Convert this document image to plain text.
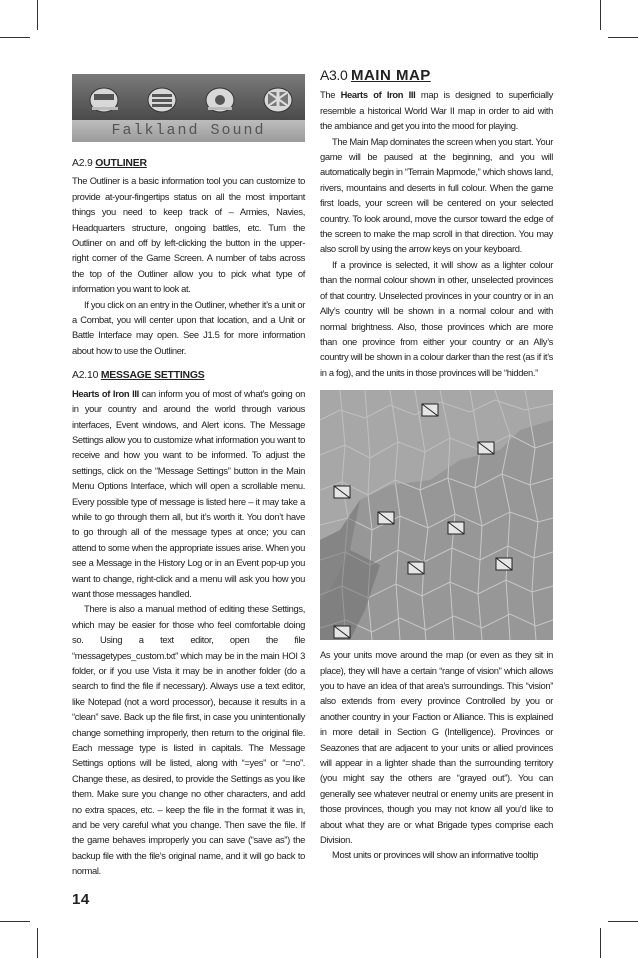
Falkland Sound
A2.9 OUTLINER

The Outliner is a basic information tool you can customize to provide at-your-fingertips status on all the most important things you need to keep track of – Armies, Navies, Headquarters structure, ongoing battles, etc. Turn the Outliner on and off by left-clicking the button in the upper-right corner of the Game Screen. A number of tabs across the top of the Outliner allow you to pick what type of information you want to look at.

If you click on an entry in the Outliner, whether it’s a unit or a Combat, you will center upon that location, and a Unit or Battle Interface may open. See J1.5 for more information about how to use the Outliner.

A2.10 MESSAGE SETTINGS

Hearts of Iron III can inform you of most of what’s going on in your country and around the world through various interfaces, Event windows, and Alert icons. The Message Settings allow you to customize what information you want to receive and how you want to be informed. To adjust the settings, click on the “Message Settings” button in the Main Menu Options Interface, which will open a scrollable menu. Every possible type of message is listed here – it may take a while to go through them all, but it’s worth it. You don’t have to go through all of the message types at once; you can attend to some when the appropriate issues arise. When you see a Message in the History Log or in an Event pop-up you want to change, right-click and a menu will ask you how you want those messages handled.

There is also a manual method of editing these Settings, which may be easier for those who feel comfortable doing so. Using a text editor, open the file “messagetypes_custom.txt” which may be in the main HOI 3 folder, or if you use Vista it may be in another folder (do a search to find the file if necessary). Always use a text editor, like Notepad (not a word processor), because it results in a “clean” save. Back up the file first, in case you unintentionally change something improperly, then return to the original file. Each message type is listed in capitals. The Message Settings options will be listed, along with “=yes” or “=no”. Change these, as desired, to provide the Settings as you like them. Make sure you change no other characters, and add no extra spaces, etc. – keep the file in the format it was in, and be very careful what you change. Then save the file. If the game behaves improperly you can save (“save as”) the backup file with the file’s original name, and it will go back to normal.

A3.0 MAIN MAP

The Hearts of Iron III map is designed to superficially resemble a historical World War II map in order to aid with the ambiance and get you into the mood for playing.

The Main Map dominates the screen when you start. Your game will be paused at the beginning, and you will automatically begin in “Terrain Mapmode,” which shows land, rivers, mountains and deserts in full colour. When the game first loads, your screen will be centered on your selected country. To look around, move the cursor toward the edge of the screen to make the map scroll in that direction. You may also scroll by using the arrow keys on your keyboard.

If a province is selected, it will show as a lighter colour than the normal colour shown in other, unselected provinces of that country. Unselected provinces in your country or in an Ally’s country will be shown in a normal colour and with normal brightness. Also, those provinces which are more than one province from either your country or an Ally’s country will be shown in a colour darker than the rest (as if it’s in a fog), and the units in those provinces will be “hidden.”

As your units move around the map (or even as they sit in place), they will have a certain “range of vision” which allows you to have an idea of that area’s surroundings. This “vision” also extends from every province Controlled by you or another country in your Faction or Alliance. This is explained in more detail in Section G (Intelligence). Provinces or Seazones that are adjacent to your units or allied provinces will appear in a lighter shade than the surrounding territory (you might say the others are “grayed out”). You can generally see whatever neutral or enemy units are present in those provinces, though you may not know all you’d like to about what they are or what Brigade types comprise each Division.

Most units or provinces will show an informative tooltip

14
